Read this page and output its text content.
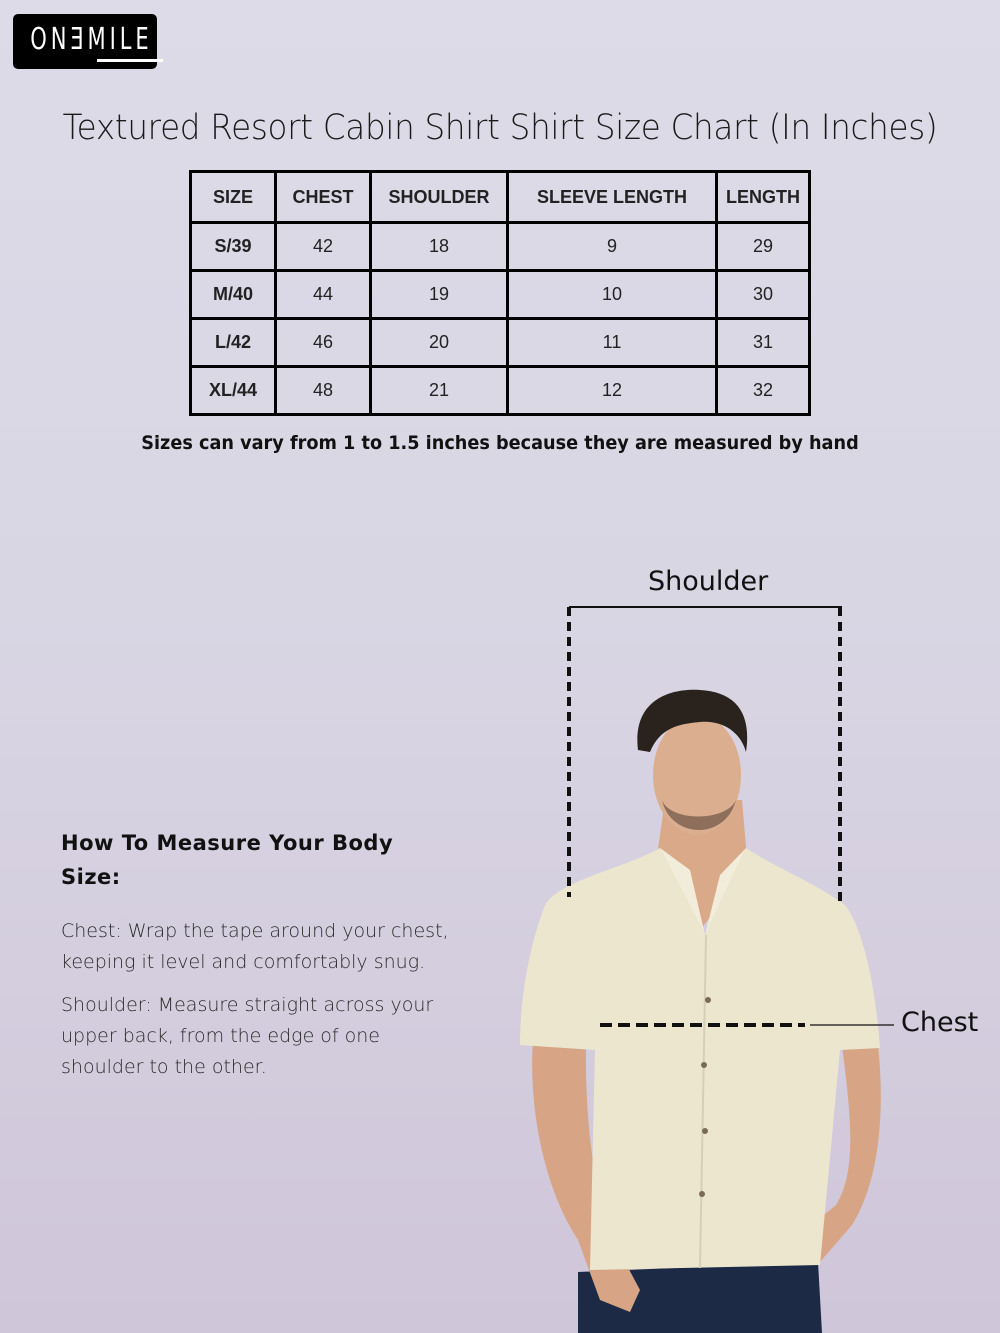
ONƎMILE
Textured Resort Cabin Shirt Shirt Size Chart (In Inches)
SIZE	CHEST	SHOULDER	SLEEVE LENGTH	LENGTH
S/39	42	18	9	29
M/40	44	19	10	30
L/42	46	20	11	31
XL/44	48	21	12	32
Sizes can vary from 1 to 1.5 inches because they are measured by hand
How To Measure Your Body Size:

Chest: Wrap the tape around your chest, keeping it level and comfortably snug.

Shoulder: Measure straight across your upper back, from the edge of one shoulder to the other.

Shoulder
Chest
